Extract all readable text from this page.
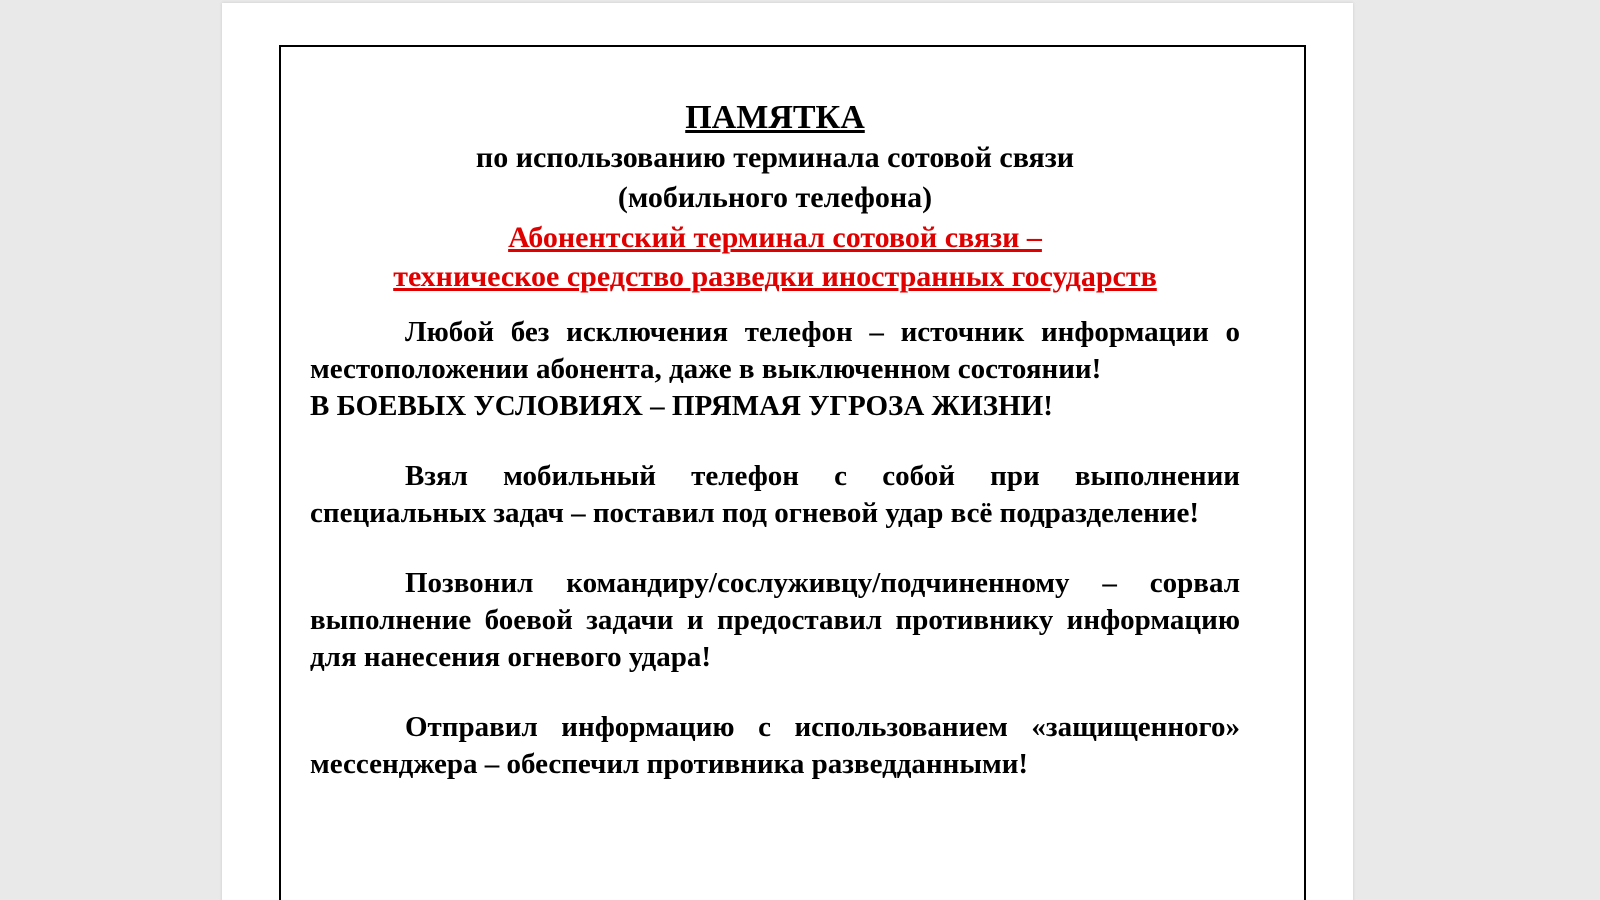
ПАМЯТКА

по использованию терминала сотовой связи

(мобильного телефона)

Абонентский терминал сотовой связи –
техническое средство разведки иностранных государств

Любой без исключения телефон – источник информации о местоположении абонента, даже в выключенном состоянии!

В БОЕВЫХ УСЛОВИЯХ – ПРЯМАЯ УГРОЗА ЖИЗНИ!

Взял мобильный телефон с собой при выполнении специальных задач – поставил под огневой удар всё подразделение!

Позвонил командиру/сослуживцу/подчиненному – сорвал выполнение боевой задачи и предоставил противнику информацию для нанесения огневого удара!

Отправил информацию с использованием «защищенного» мессенджера – обеспечил противника разведданными!
